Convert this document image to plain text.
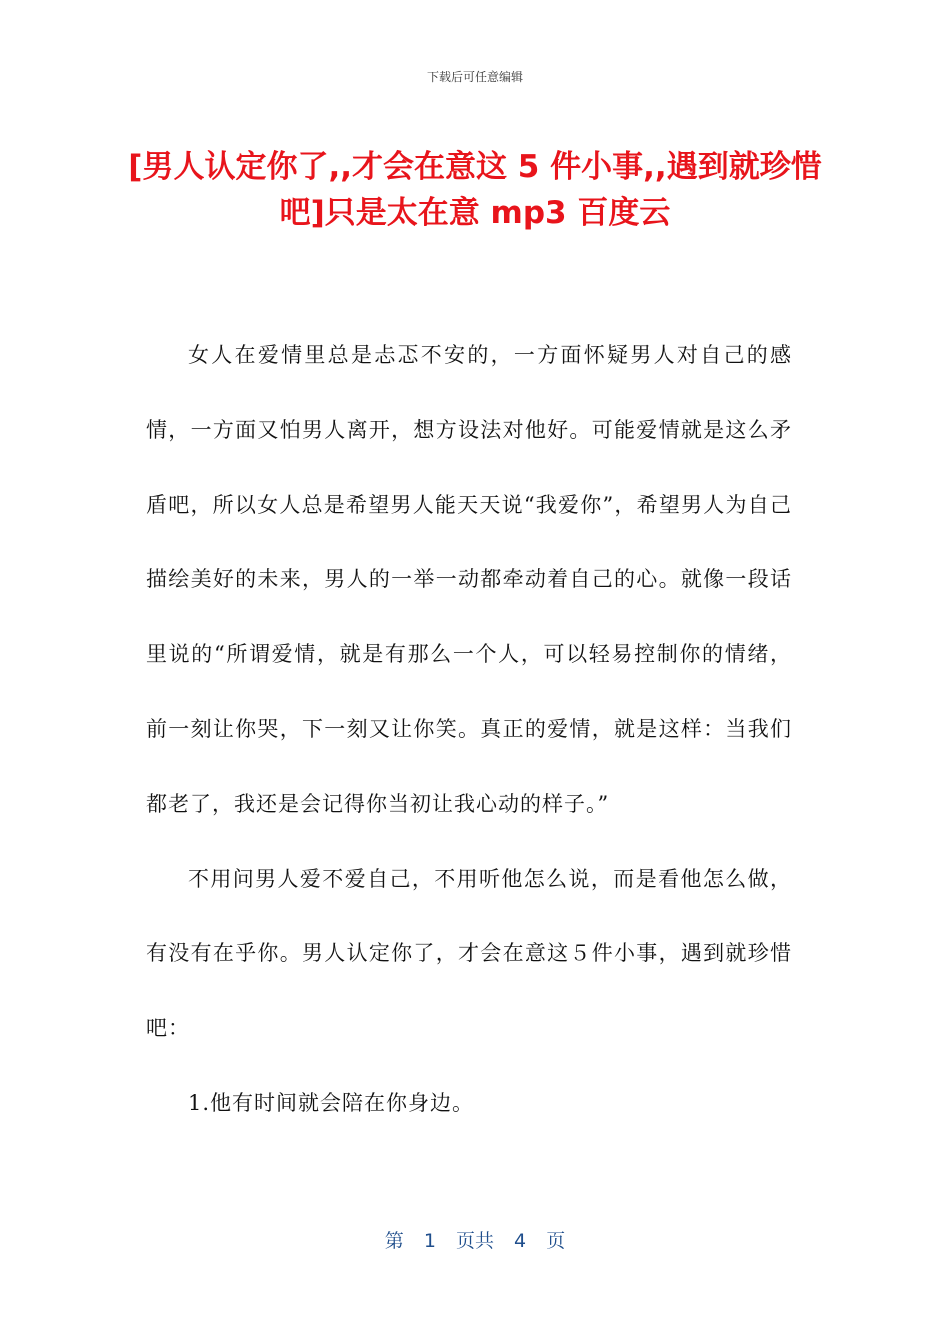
下载后可任意编辑
[男人认定你了,,才会在意这 5 件小事,,遇到就珍惜吧]只是太在意 mp3 百度云

女人在爱情里总是忐忑不安的，一方面怀疑男人对自己的感情，一方面又怕男人离开，想方设法对他好。可能爱情就是这么矛盾吧，所以女人总是希望男人能天天说“我爱你”，希望男人为自己描绘美好的未来，男人的一举一动都牵动着自己的心。就像一段话里说的“所谓爱情，就是有那么一个人，可以轻易控制你的情绪，前一刻让你哭，下一刻又让你笑。真正的爱情，就是这样：当我们都老了，我还是会记得你当初让我心动的样子。”

不用问男人爱不爱自己，不用听他怎么说，而是看他怎么做，有没有在乎你。男人认定你了，才会在意这５件小事，遇到就珍惜吧：

1.他有时间就会陪在你身边。

第 1 页共 4 页
